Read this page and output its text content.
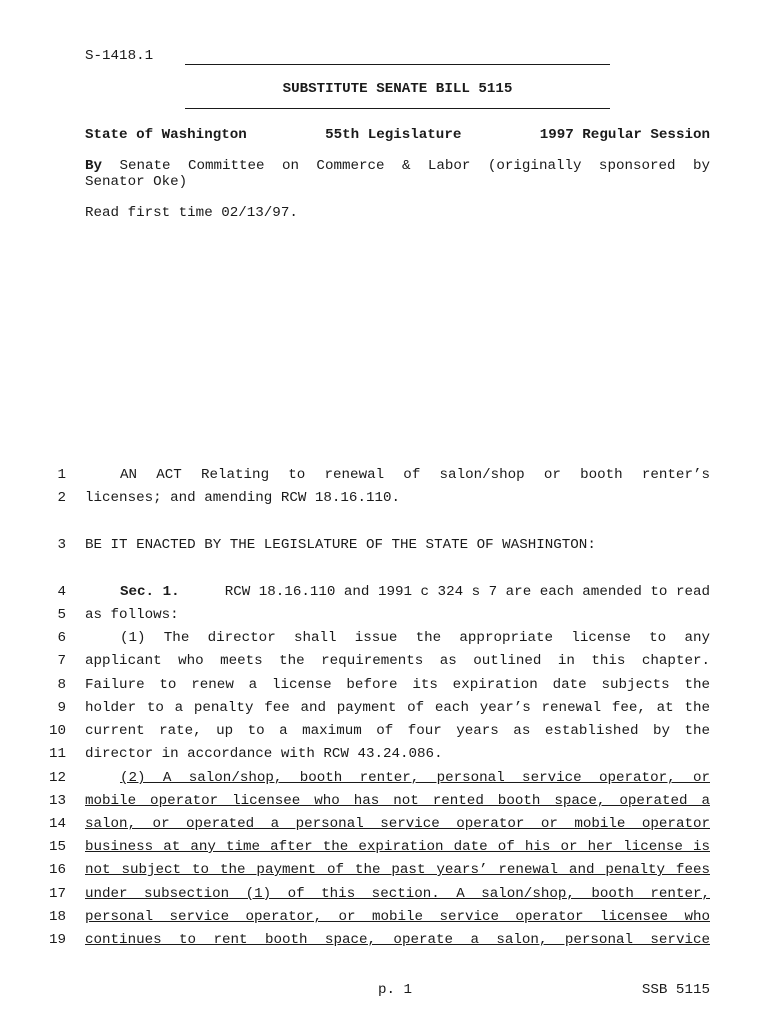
S-1418.1
SUBSTITUTE SENATE BILL 5115
State of Washington	55th Legislature	1997 Regular Session
By Senate Committee on Commerce & Labor (originally sponsored by
Senator Oke)
Read first time 02/13/97.
1	AN ACT Relating to renewal of salon/shop or booth renter’s
2 licenses; and amending RCW 18.16.110.
3 BE IT ENACTED BY THE LEGISLATURE OF THE STATE OF WASHINGTON:
4	Sec. 1.	RCW 18.16.110 and 1991 c 324 s 7 are each amended to read
5 as follows:
6	(1) The director shall issue the appropriate license to any
7 applicant who meets the requirements as outlined in this chapter.
8 Failure to renew a license before its expiration date subjects the
9 holder to a penalty fee and payment of each year’s renewal fee, at the
10 current rate, up to a maximum of four years as established by the
11 director in accordance with RCW 43.24.086.
12	(2) A salon/shop, booth renter, personal service operator, or
13 mobile operator licensee who has not rented booth space, operated a
14 salon, or operated a personal service operator or mobile operator
15 business at any time after the expiration date of his or her license is
16 not subject to the payment of the past years’ renewal and penalty fees
17 under subsection (1) of this section. A salon/shop, booth renter,
18 personal service operator, or mobile service operator licensee who
19 continues to rent booth space, operate a salon, personal service
p. 1	SSB 5115
